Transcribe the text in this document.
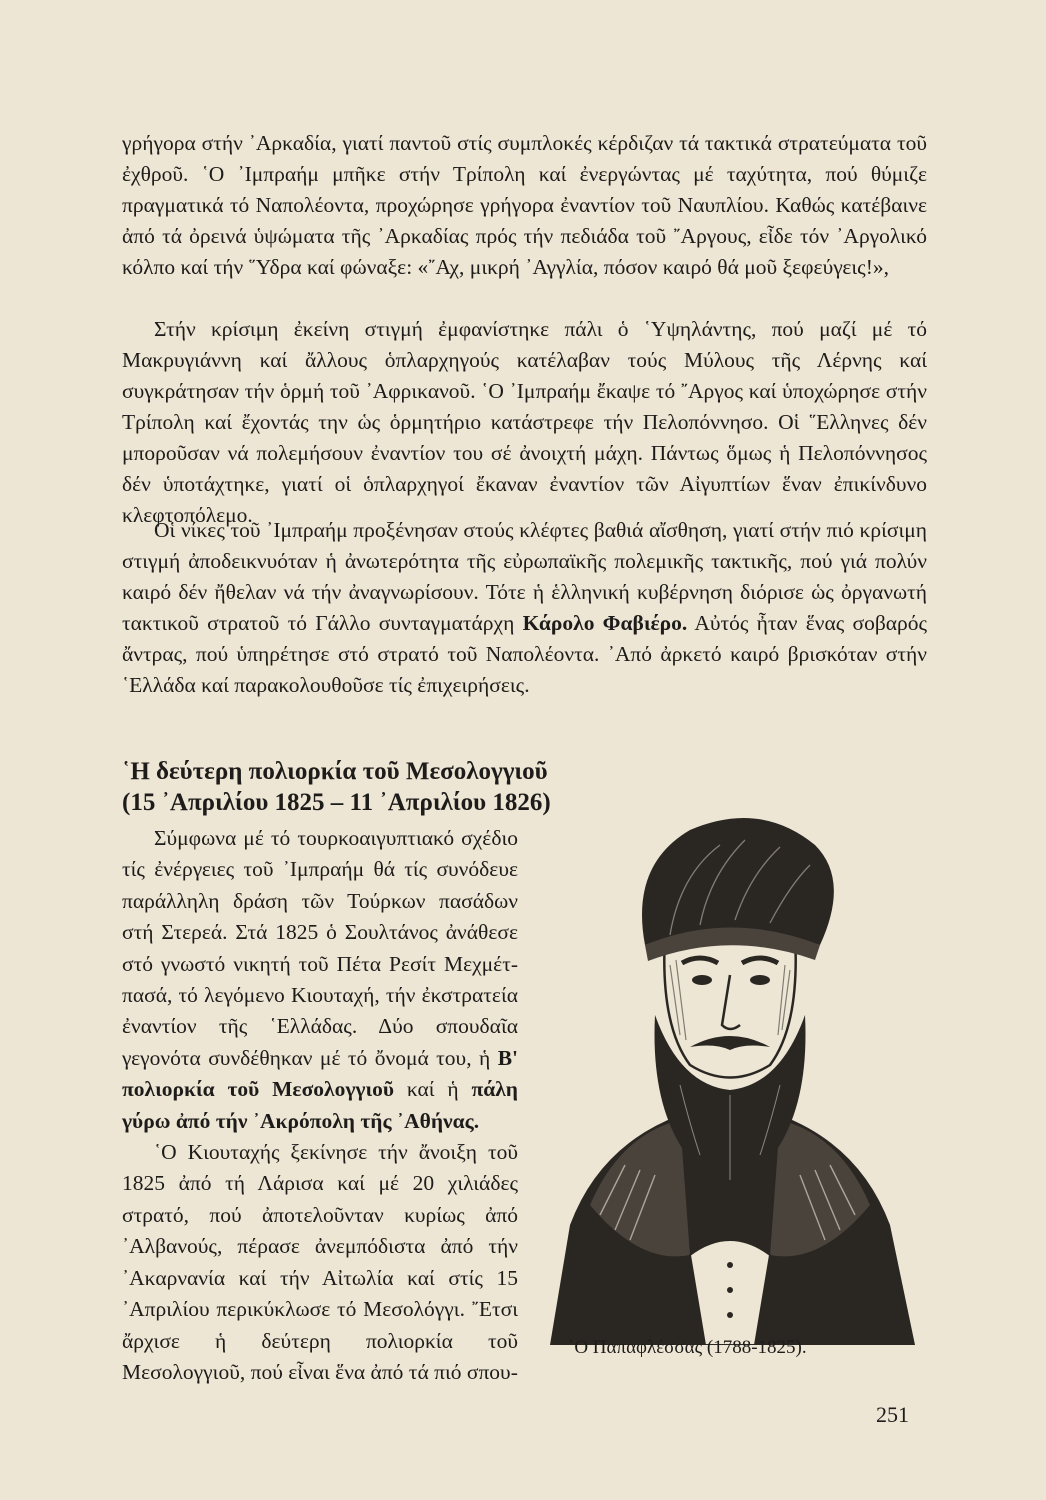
γρήγορα στήν ᾿Αρκαδία, γιατί παντοῦ στίς συμπλοκές κέρδιζαν τά τακτικά στρατεύματα τοῦ ἐχθροῦ. ῾Ο ᾿Ιμπραήμ μπῆκε στήν Τρίπολη καί ἐνεργώντας μέ ταχύτητα, πού θύμιζε πραγματικά τό Ναπολέοντα, προχώρησε γρήγορα ἐναντίον τοῦ Ναυπλίου. Καθώς κατέβαινε ἀπό τά ὀρεινά ὑψώματα τῆς ᾿Αρκαδίας πρός τήν πεδιάδα τοῦ ῎Αργους, εἶδε τόν ᾿Αργολικό κόλπο καί τήν ῞Υδρα καί φώναξε: «῎Αχ, μικρή ᾿Αγγλία, πόσον καιρό θά μοῦ ξεφεύγεις!»,

Στήν κρίσιμη ἐκείνη στιγμή ἐμφανίστηκε πάλι ὁ ῾Υψηλάντης, πού μαζί μέ τό Μακρυγιάννη καί ἄλλους ὁπλαρχηγούς κατέλαβαν τούς Μύλους τῆς Λέρνης καί συγκράτησαν τήν ὁρμή τοῦ ᾿Αφρικανοῦ. ῾Ο ᾿Ιμπραήμ ἔκαψε τό ῎Αργος καί ὑποχώρησε στήν Τρίπολη καί ἔχοντάς την ὡς ὁρμητήριο κατάστρεφε τήν Πελοπόννησο. Οἱ ῞Ελληνες δέν μποροῦσαν νά πολεμήσουν ἐναντίον του σέ ἀνοιχτή μάχη. Πάντως ὅμως ἡ Πελοπόννησος δέν ὑποτάχτηκε, γιατί οἱ ὁπλαρχηγοί ἔκαναν ἐναντίον τῶν Αἰγυπτίων ἕναν ἐπικίνδυνο κλεφτοπόλεμο.

Οἱ νίκες τοῦ ᾿Ιμπραήμ προξένησαν στούς κλέφτες βαθιά αἴσθηση, γιατί στήν πιό κρίσιμη στιγμή ἀποδεικνυόταν ἡ ἀνωτερότητα τῆς εὐρωπαϊκῆς πολεμικῆς τακτικῆς, πού γιά πολύν καιρό δέν ἤθελαν νά τήν ἀναγνωρίσουν. Τότε ἡ ἑλληνική κυβέρνηση διόρισε ὡς ὀργανωτή τακτικοῦ στρατοῦ τό Γάλλο συνταγματάρχη Κάρολο Φαβιέρο. Αὐτός ἦταν ἕνας σοβαρός ἄντρας, πού ὑπηρέτησε στό στρατό τοῦ Ναπολέοντα. ᾿Από ἀρκετό καιρό βρισκόταν στήν ῾Ελλάδα καί παρακολουθοῦσε τίς ἐπιχειρήσεις.

῾Η δεύτερη πολιορκία τοῦ Μεσολογγιοῦ
(15 ᾿Απριλίου 1825 – 11 ᾿Απριλίου 1826)

Σύμφωνα μέ τό τουρκοαιγυπτιακό σχέδιο τίς ἐνέργειες τοῦ ᾿Ιμπραήμ θά τίς συνόδευε παράλληλη δράση τῶν Τούρκων πασάδων στή Στερεά. Στά 1825 ὁ Σουλτάνος ἀνάθεσε στό γνωστό νικητή τοῦ Πέτα Ρεσίτ Μεχμέτ-πασά, τό λεγόμενο Κιουταχή, τήν ἐκστρατεία ἐναντίον τῆς ῾Ελλάδας. Δύο σπουδαῖα γεγονότα συνδέθηκαν μέ τό ὄνομά του, ἡ Β' πολιορκία τοῦ Μεσολογγιοῦ καί ἡ πάλη γύρω ἀπό τήν ᾿Ακρόπολη τῆς ᾿Αθήνας.
῾Ο Κιουταχής ξεκίνησε τήν ἄνοιξη τοῦ 1825 ἀπό τή Λάρισα καί μέ 20 χιλιάδες στρατό, πού ἀποτελοῦνταν κυρίως ἀπό ᾿Αλβανούς, πέρασε ἀνεμπόδιστα ἀπό τήν ᾿Ακαρνανία καί τήν Αἰτωλία καί στίς 15 ᾿Απριλίου περικύκλωσε τό Μεσολόγγι. ῎Ετσι ἄρχισε ἡ δεύτερη πολιορκία τοῦ Μεσολογγιοῦ, πού εἶναι ἕνα ἀπό τά πιό σπου-

῾Ο Παπαφλέσσας (1788-1825).

251
